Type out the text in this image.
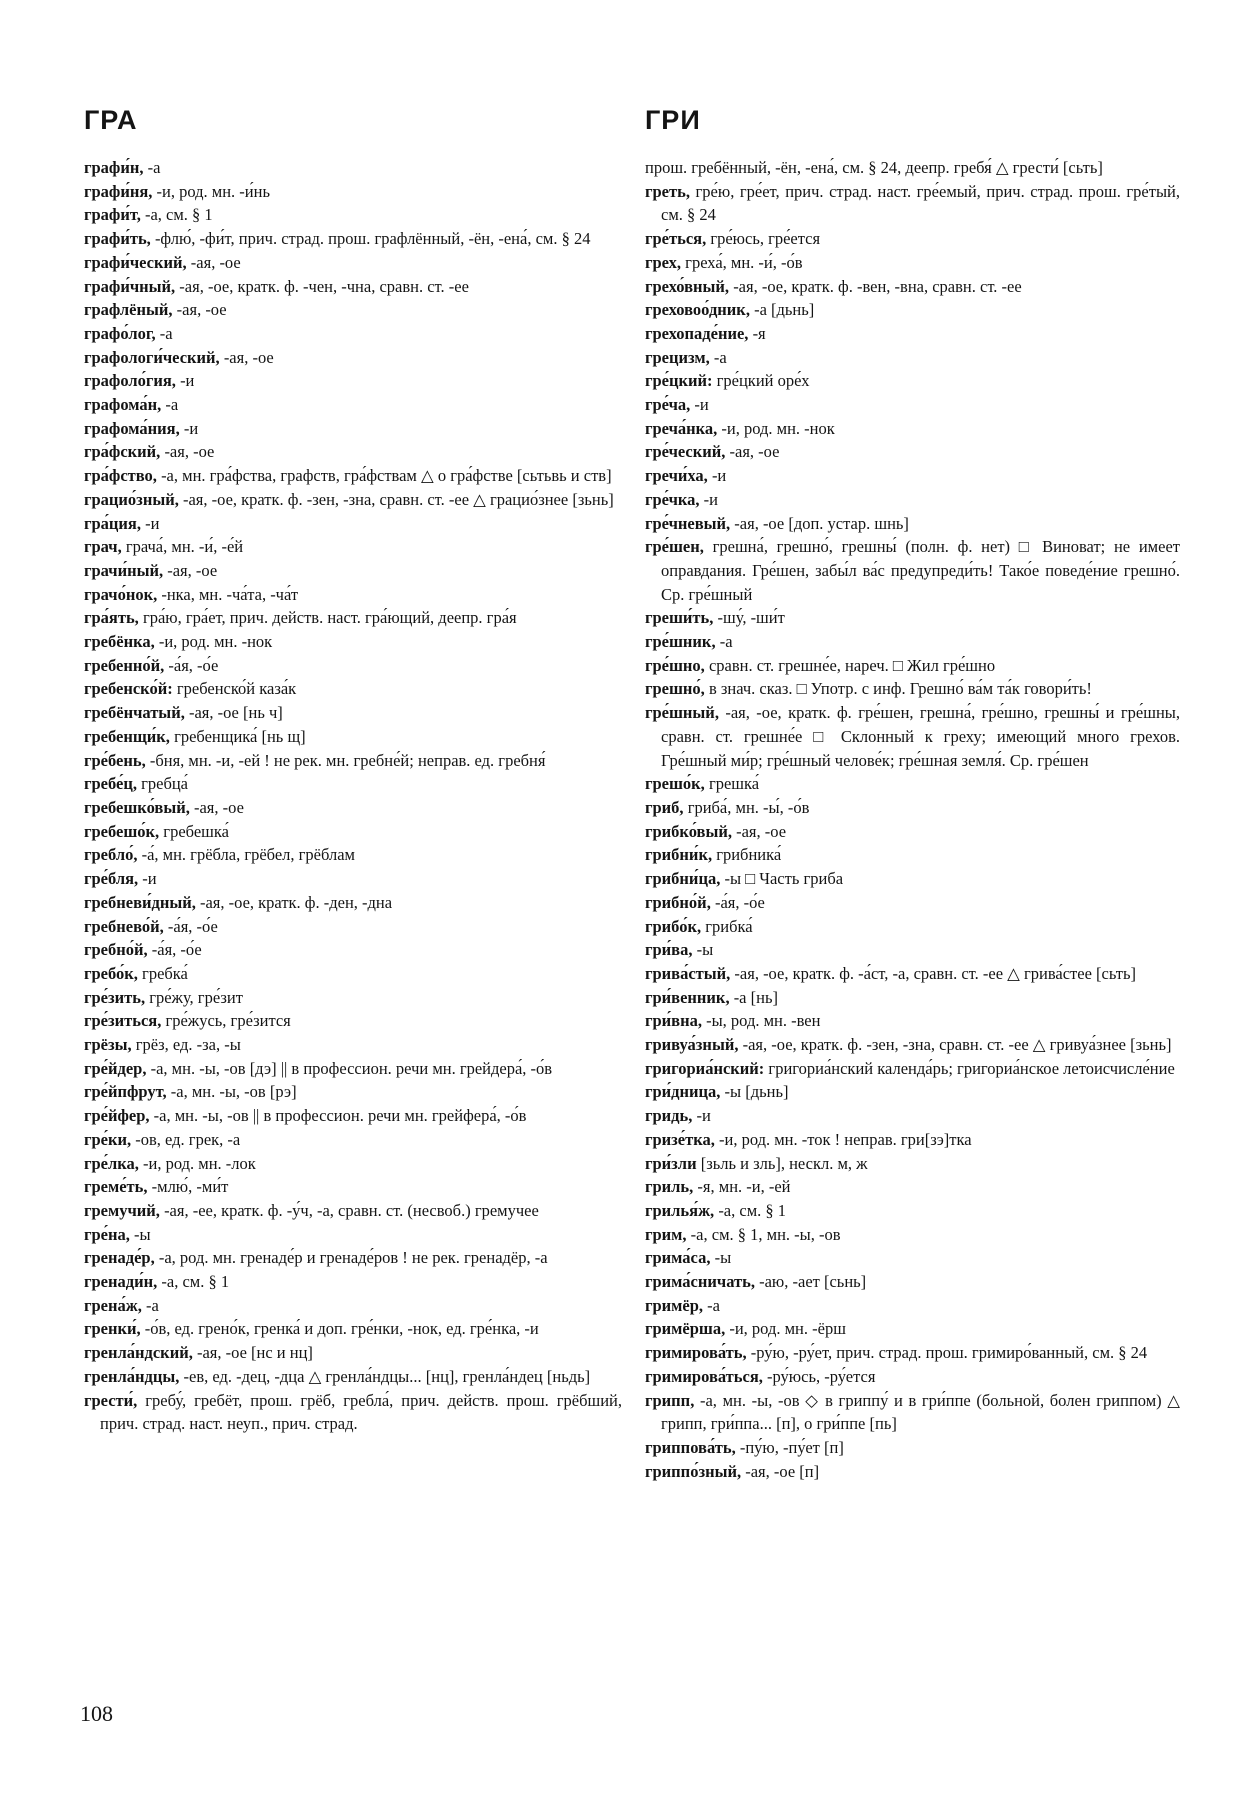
ГРА

графи́н, -а

графи́ня, -и, род. мн. -и́нь

графи́т, -а, см. § 1

графи́ть, -флю́, -фи́т, прич. страд. прош. графлённый, -ён, -ена́, см. § 24

графи́ческий, -ая, -ое

графи́чный, -ая, -ое, кратк. ф. -чен, -чна, сравн. ст. -ее

графлёный, -ая, -ое

графо́лог, -а

графологи́ческий, -ая, -ое

графоло́гия, -и

графома́н, -а

графома́ния, -и

гра́фский, -ая, -ое

гра́фство, -а, мн. гра́фства, графств, гра́фствам △ о гра́фстве [сьтьвь и ств]

грацио́зный, -ая, -ое, кратк. ф. -зен, -зна, сравн. ст. -ее △ грацио́знее [зьнь]

гра́ция, -и

грач, грача́, мн. -и́, -е́й

грачи́ный, -ая, -ое

грачо́нок, -нка, мн. -ча́та, -ча́т

гра́ять, гра́ю, гра́ет, прич. действ. наст. гра́ющий, деепр. гра́я

гребёнка, -и, род. мн. -нок

гребенно́й, -а́я, -о́е

гребенско́й: гребенско́й каза́к

гребёнчатый, -ая, -ое [нь ч]

гребенщи́к, гребенщика́ [нь щ]

гре́бень, -бня, мн. -и, -ей ! не рек. мн. гребне́й; неправ. ед. гребня́

гребе́ц, гребца́

гребешко́вый, -ая, -ое

гребешо́к, гребешка́

гребло́, -а́, мн. грёбла, грёбел, грёблам

гре́бля, -и

гребневи́дный, -ая, -ое, кратк. ф. -ден, -дна

гребнево́й, -а́я, -о́е

гребно́й, -а́я, -о́е

гребо́к, гребка́

гре́зить, гре́жу, гре́зит

гре́зиться, гре́жусь, гре́зится

грёзы, грёз, ед. -за, -ы

гре́йдер, -а, мн. -ы, -ов [дэ] || в профессион. речи мн. грейдера́, -о́в

гре́йпфрут, -а, мн. -ы, -ов [рэ]

гре́йфер, -а, мн. -ы, -ов || в профессион. речи мн. грейфера́, -о́в

гре́ки, -ов, ед. грек, -а

гре́лка, -и, род. мн. -лок

греме́ть, -млю́, -ми́т

гремучий, -ая, -ее, кратк. ф. -у́ч, -а, сравн. ст. (несвоб.) гремучее

гре́на, -ы

гренаде́р, -а, род. мн. гренаде́р и гренаде́ров ! не рек. гренадёр, -а

гренади́н, -а, см. § 1

грена́ж, -а

гренки́, -о́в, ед. грено́к, гренка́ и доп. гре́нки, -нок, ед. гре́нка, -и

гренла́ндский, -ая, -ое [нс и нц]

гренла́ндцы, -ев, ед. -дец, -дца △ гренла́ндцы... [нц], гренла́ндец [ньдь]

грести́, гребу́, гребёт, прош. грёб, гребла́, прич. действ. прош. грёбший, прич. страд. наст. неуп., прич. страд.

ГРИ

прош. гребённый, -ён, -ена́, см. § 24, деепр. гребя́ △ грести́ [сьть]

греть, гре́ю, гре́ет, прич. страд. наст. гре́емый, прич. страд. прош. гре́тый, см. § 24

гре́ться, гре́юсь, гре́ется

грех, греха́, мн. -и́, -о́в

грехо́вный, -ая, -ое, кратк. ф. -вен, -вна, сравн. ст. -ее

греховоо́дник, -а [дьнь]

грехопаде́ние, -я

грецизм, -а

гре́цкий: гре́цкий оре́х

гре́ча, -и

греча́нка, -и, род. мн. -нок

гре́ческий, -ая, -ое

гречи́ха, -и

гре́чка, -и

гре́чневый, -ая, -ое [доп. устар. шнь]

гре́шен, грешна́, грешно́, грешны́ (полн. ф. нет) □ Виноват; не имеет оправдания. Гре́шен, забы́л ва́с предупреди́ть! Тако́е поведе́ние грешно́. Ср. гре́шный

греши́ть, -шу́, -ши́т

гре́шник, -а

гре́шно, сравн. ст. грешне́е, нареч. □ Жил гре́шно

грешно́, в знач. сказ. □ Употр. с инф. Грешно́ ва́м та́к говори́ть!

гре́шный, -ая, -ое, кратк. ф. гре́шен, грешна́, гре́шно, грешны́ и гре́шны, сравн. ст. грешне́е □ Склонный к греху; имеющий много грехов. Гре́шный ми́р; гре́шный челове́к; гре́шная земля́. Ср. гре́шен

грешо́к, грешка́

гриб, гриба́, мн. -ы́, -о́в

грибко́вый, -ая, -ое

грибни́к, грибника́

грибни́ца, -ы □ Часть гриба

грибно́й, -а́я, -о́е

грибо́к, грибка́

гри́ва, -ы

грива́стый, -ая, -ое, кратк. ф. -а́ст, -а, сравн. ст. -ее △ грива́стее [сьть]

гри́венник, -а [нь]

гри́вна, -ы, род. мн. -вен

гривуа́зный, -ая, -ое, кратк. ф. -зен, -зна, сравн. ст. -ее △ гривуа́знее [зьнь]

григориа́нский: григориа́нский календа́рь; григориа́нское летоисчисле́ние

гри́дница, -ы [дьнь]

гридь, -и

гризе́тка, -и, род. мн. -ток ! неправ. гри[зэ]тка

гри́зли [зьль и зль], нескл. м, ж

гриль, -я, мн. -и, -ей

грилья́ж, -а, см. § 1

грим, -а, см. § 1, мн. -ы, -ов

грима́са, -ы

грима́сничать, -аю, -ает [сьнь]

гримёр, -а

гримёрша, -и, род. мн. -ёрш

гримирова́ть, -ру́ю, -ру́ет, прич. страд. прош. гримиро́ванный, см. § 24

гримирова́ться, -ру́юсь, -ру́ется

грипп, -а, мн. -ы, -ов ◇ в гриппу́ и в гри́ппе (больной, болен гриппом) △ грипп, гри́ппа... [п], о гри́ппе [пь]

гриппова́ть, -пу́ю, -пу́ет [п]

гриппо́зный, -ая, -ое [п]

108
